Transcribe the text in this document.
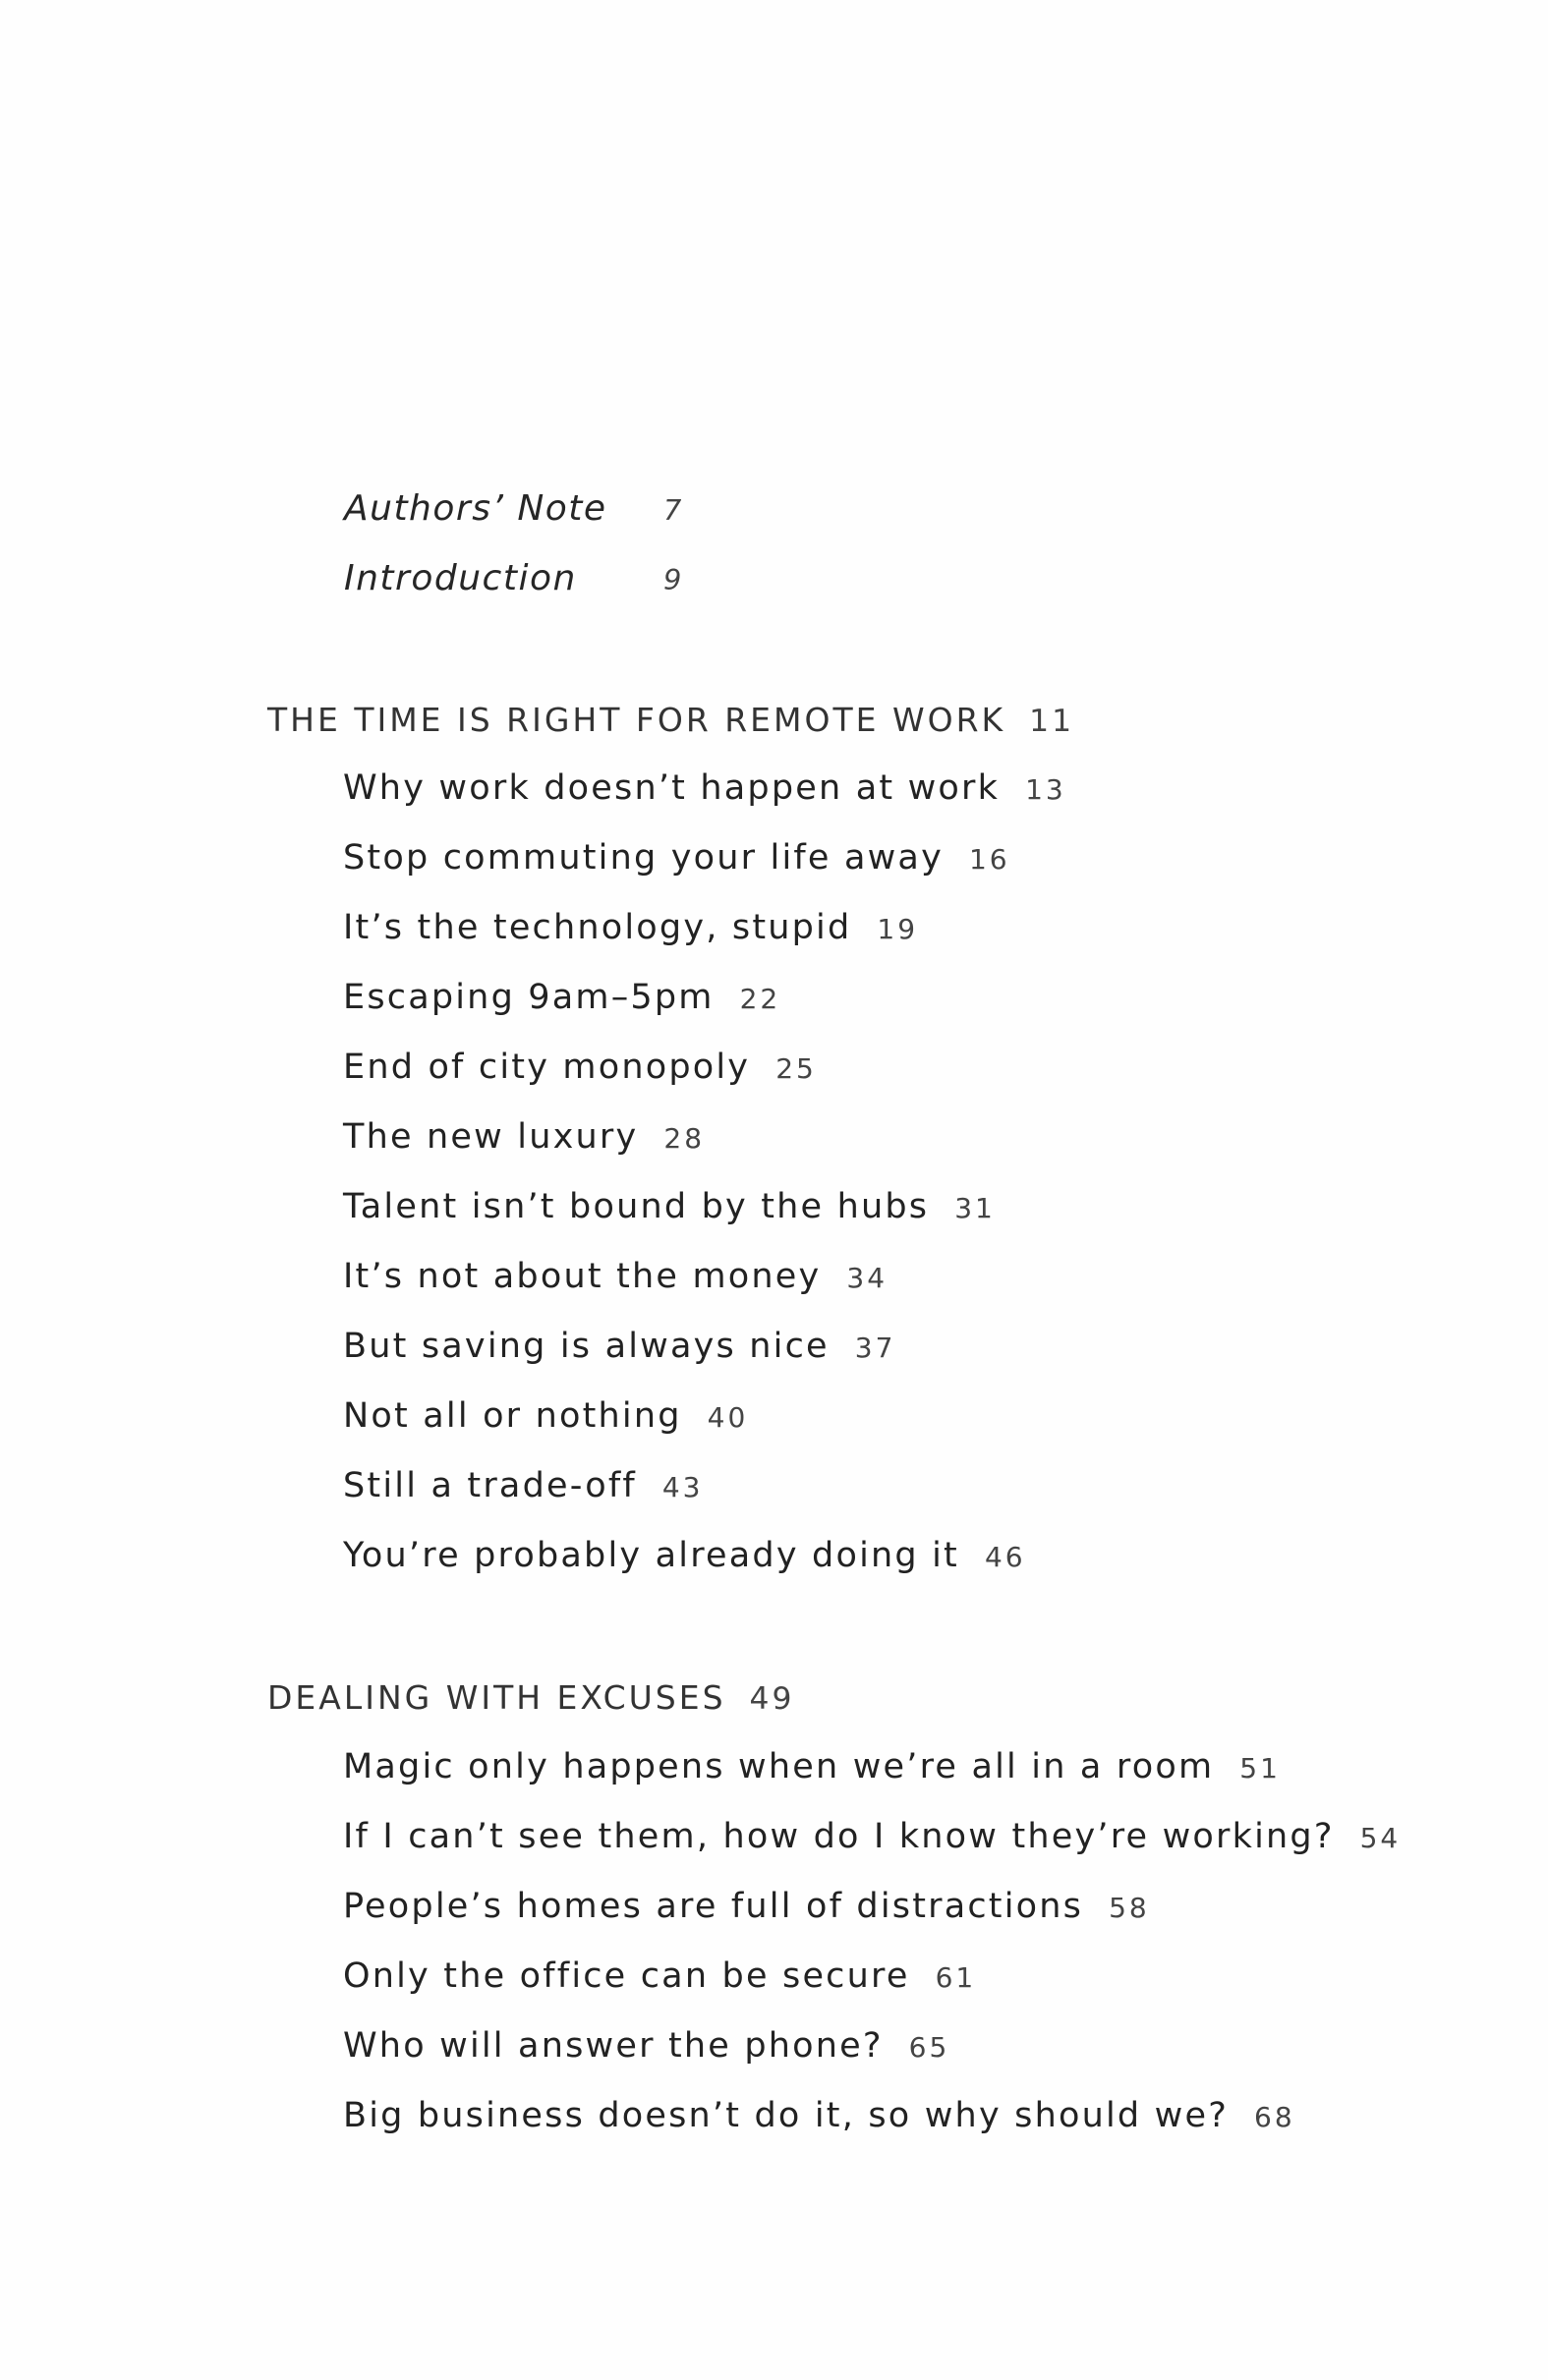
Authors’ Note 7
Introduction	9
THE TIME IS RIGHT FOR REMOTE WORK 11
Why work doesn’t happen at work 13
Stop commuting your life away 16
It’s the technology, stupid 19
Escaping 9am–5pm 22
End of city monopoly 25
The new luxury 28
Talent isn’t bound by the hubs 31
It’s not about the money 34
But saving is always nice 37
Not all or nothing 40
Still a trade-off 43
You’re probably already doing it 46
DEALING WITH EXCUSES 49
Magic only happens when we’re all in a room 51
If I can’t see them, how do I know they’re working? 54
People’s homes are full of distractions 58
Only the office can be secure 61
Who will answer the phone? 65
Big business doesn’t do it, so why should we? 68
